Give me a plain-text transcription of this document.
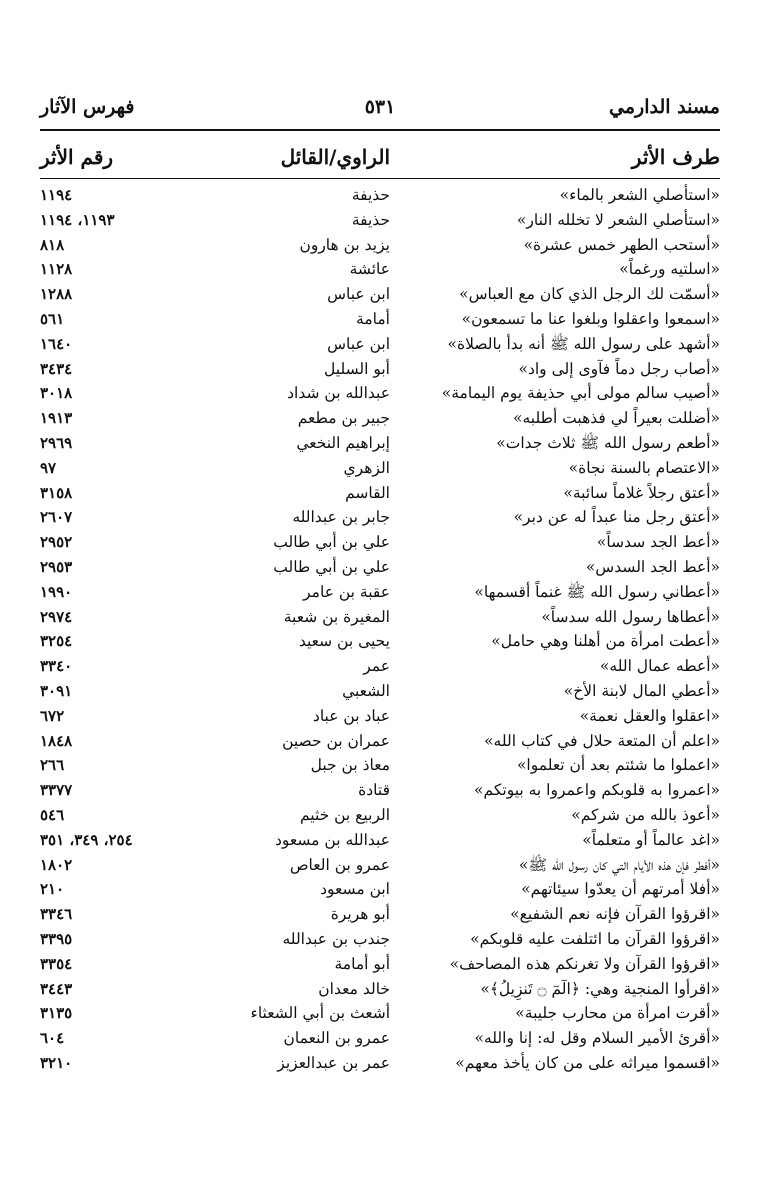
مسند الدارمي
٥٣١
فهرس الآثار
طرف الأثر
الراوي/القائل
رقم الأثر
«استأصلي الشعر بالماء»
حذيفة
١١٩٤
«استأصلي الشعر لا تخلله النار»
حذيفة
١١٩٣، ١١٩٤
«أستحب الطهر خمس عشرة»
يزيد بن هارون
٨١٨
«اسلتيه ورغماً»
عائشة
١١٢٨
«أسمّت لك الرجل الذي كان مع العباس»
ابن عباس
١٢٨٨
«اسمعوا واعقلوا وبلغوا عنا ما تسمعون»
أمامة
٥٦١
«أشهد على رسول الله ﷺ أنه بدأ بالصلاة»
ابن عباس
١٦٤٠
«أصاب رجل دماً فآوى إلى واد»
أبو السليل
٣٤٣٤
«أصيب سالم مولى أبي حذيفة يوم اليمامة»
عبدالله بن شداد
٣٠١٨
«أضللت بعيراً لي فذهبت أطلبه»
جبير بن مطعم
١٩١٣
«أطعم رسول الله ﷺ ثلاث جدات»
إبراهيم النخعي
٢٩٦٩
«الاعتصام بالسنة نجاة»
الزهري
٩٧
«أعتق رجلاً غلاماً سائبة»
القاسم
٣١٥٨
«أعتق رجل منا عبداً له عن دبر»
جابر بن عبدالله
٢٦٠٧
«أعط الجد سدساً»
علي بن أبي طالب
٢٩٥٢
«أعط الجد السدس»
علي بن أبي طالب
٢٩٥٣
«أعطاني رسول الله ﷺ غنماً أقسمها»
عقبة بن عامر
١٩٩٠
«أعطاها رسول الله سدساً»
المغيرة بن شعبة
٢٩٧٤
«أعطت امرأة من أهلنا وهي حامل»
يحيى بن سعيد
٣٢٥٤
«أعطه عمال الله»
عمر
٣٣٤٠
«أعطي المال لابنة الأخ»
الشعبي
٣٠٩١
«اعقلوا والعقل نعمة»
عباد بن عباد
٦٧٢
«اعلم أن المتعة حلال في كتاب الله»
عمران بن حصين
١٨٤٨
«اعملوا ما شئتم بعد أن تعلموا»
معاذ بن جبل
٢٦٦
«اعمروا به قلوبكم واعمروا به بيوتكم»
قتادة
٣٣٧٧
«أعوذ بالله من شركم»
الربيع بن خثيم
٥٤٦
«اغد عالماً أو متعلماً»
عبدالله بن مسعود
٢٥٤، ٣٤٩، ٣٥١
«أفطر فإن هذه الأيام التي كان رسول الله ﷺ»
عمرو بن العاص
١٨٠٢
«أفلا أمرتهم أن يعدّوا سيئاتهم»
ابن مسعود
٢١٠
«اقرؤوا القرآن فإنه نعم الشفيع»
أبو هريرة
٣٣٤٦
«اقرؤوا القرآن ما ائتلفت عليه قلوبكم»
جندب بن عبدالله
٣٣٩٥
«اقرؤوا القرآن ولا تغرنكم هذه المصاحف»
أبو أمامة
٣٣٥٤
«اقرأوا المنجية وهي: ﴿الٓمٓ ۝ تَنزِيلُ﴾»
خالد معدان
٣٤٤٣
«أقرت امرأة من محارب جليبة»
أشعث بن أبي الشعثاء
٣١٣٥
«أقرئ الأمير السلام وقل له: إنا والله»
عمرو بن النعمان
٦٠٤
«اقسموا ميراثه على من كان يأخذ معهم»
عمر بن عبدالعزيز
٣٢١٠
